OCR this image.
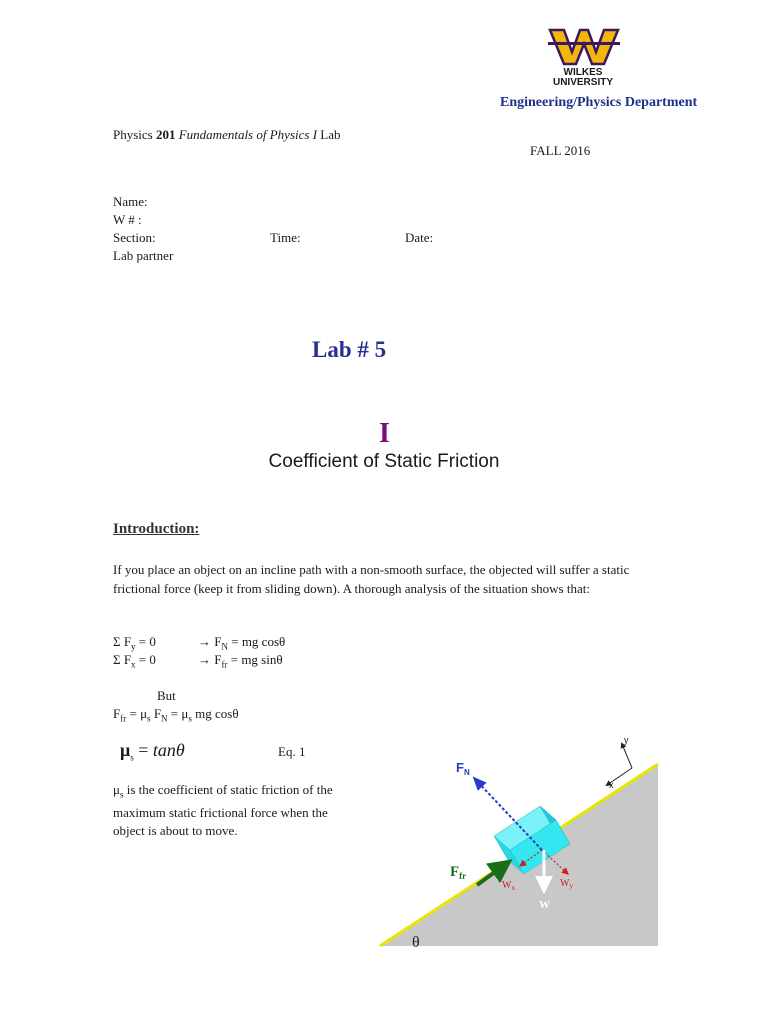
WILKES
UNIVERSITY
Engineering/Physics Department
Physics 201 Fundamentals of Physics I Lab
FALL 2016
Name:
W # :
Section:	Time:	Date:
Lab partner
Lab # 5
I
Coefficient of Static Friction
Introduction:
If you place an object on an incline path with a non-smooth surface, the objected will suffer a static frictional force (keep it from sliding down). A thorough analysis of the situation shows that:
Σ $F_y = 0$	→ $F_N$ = mg cosθ
Σ $F_x = 0$	→ $F_{fr}$ = mg sinθ
But
$F_{fr} = \mu_s$ $F_N = \mu_s$ mg cosθ
$\mu_s = \tan\theta$	Eq. 1
$\mu_s$ is the coefficient of static friction of the maximum static frictional force when the object is about to move.
x
y
$F_N$
$F_{fr}$
$W_x$	$W_y$
W
θ
